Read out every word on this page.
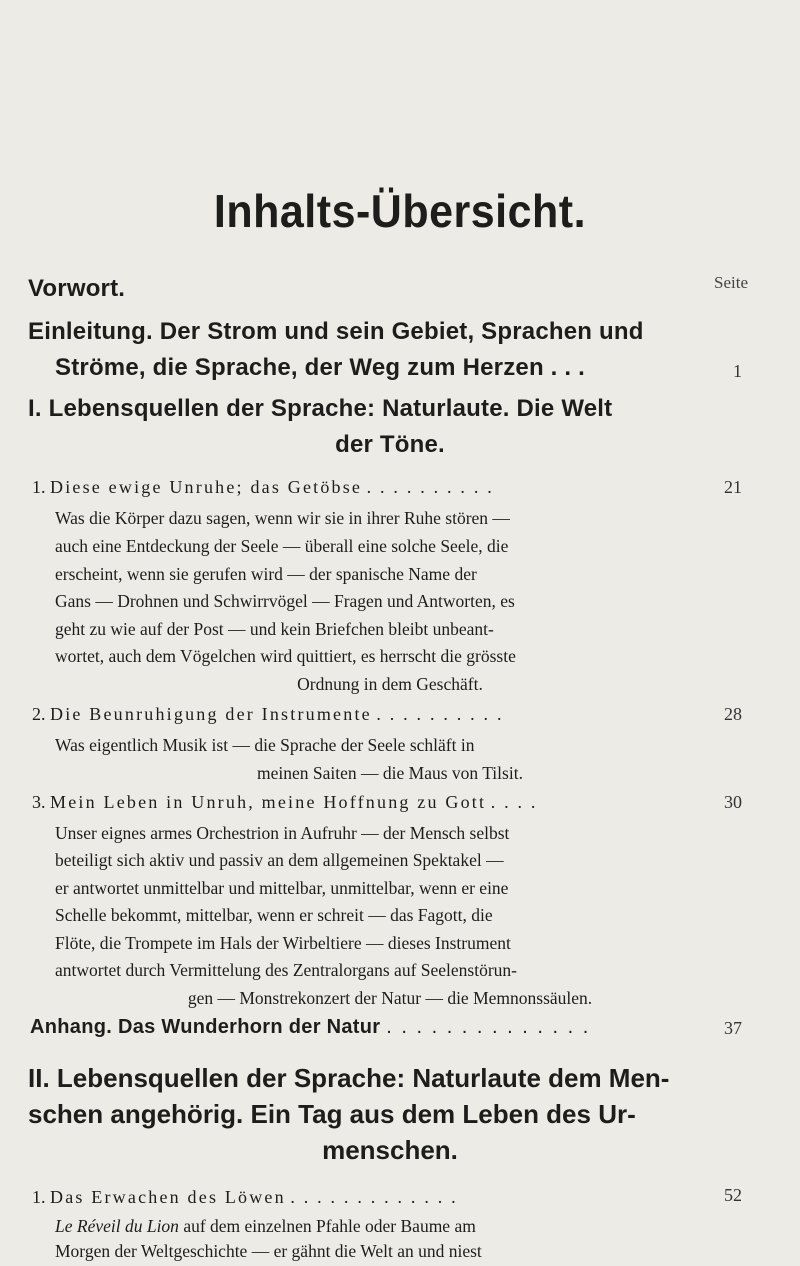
Inhalts-Übersicht.
Seite
Vorwort.
Einleitung. Der Strom und sein Gebiet, Sprachen und
Ströme, die Sprache, der Weg zum Herzen . . .	1
I. Lebensquellen der Sprache: Naturlaute. Die Welt
der Töne.
1. Diese ewige Unruhe; das Getöbse . . . . . . . . . .	21
Was die Körper dazu sagen, wenn wir sie in ihrer Ruhe stören —
auch eine Entdeckung der Seele — überall eine solche Seele, die
erscheint, wenn sie gerufen wird — der spanische Name der
Gans — Drohnen und Schwirrvögel — Fragen und Antworten, es
geht zu wie auf der Post — und kein Briefchen bleibt unbeant-
wortet, auch dem Vögelchen wird quittiert, es herrscht die grösste
Ordnung in dem Geschäft.
2. Die Beunruhigung der Instrumente . . . . . . . . . .	28
Was eigentlich Musik ist — die Sprache der Seele schläft in
meinen Saiten — die Maus von Tilsit.
3. Mein Leben in Unruh, meine Hoffnung zu Gott . . . .	30
Unser eignes armes Orchestrion in Aufruhr — der Mensch selbst
beteiligt sich aktiv und passiv an dem allgemeinen Spektakel —
er antwortet unmittelbar und mittelbar, unmittelbar, wenn er eine
Schelle bekommt, mittelbar, wenn er schreit — das Fagott, die
Flöte, die Trompete im Hals der Wirbeltiere — dieses Instrument
antwortet durch Vermittelung des Zentralorgans auf Seelenstörun-
gen — Monstrekonzert der Natur — die Memnonssäulen.
Anhang. Das Wunderhorn der Natur . . . . . . . . . . . . . .	37
II. Lebensquellen der Sprache: Naturlaute dem Men-
schen angehörig. Ein Tag aus dem Leben des Ur-
menschen.
1. Das Erwachen des Löwen . . . . . . . . . . . . .	52
Le Réveil du Lion auf dem einzelnen Pfahle oder Baume am
Morgen der Weltgeschichte — er gähnt die Welt an und niest
